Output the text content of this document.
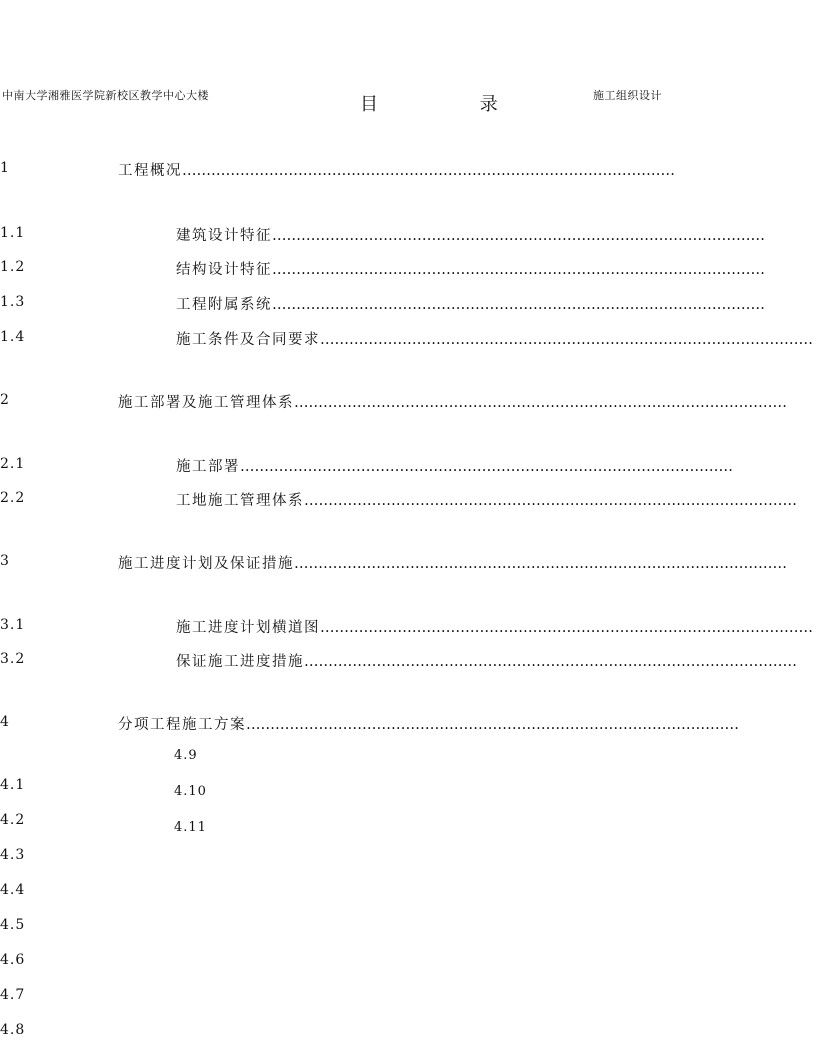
中南大学湘雅医学院新校区教学中心大楼	目 录	施工组织设计
1	工程概况…………………………………………………………………………………………
1.1	建筑设计特征…………………………………………………………………………………………
1.2	结构设计特征…………………………………………………………………………………………
1.3	工程附属系统…………………………………………………………………………………………
1.4	施工条件及合同要求…………………………………………………………………………………………
2	施工部署及施工管理体系…………………………………………………………………………………………
2.1	施工部署…………………………………………………………………………………………
2.2	工地施工管理体系…………………………………………………………………………………………
3	施工进度计划及保证措施…………………………………………………………………………………………
3.1	施工进度计划横道图…………………………………………………………………………………………
3.2	保证施工进度措施…………………………………………………………………………………………
4	分项工程施工方案…………………………………………………………………………………………
4.9
4.10
4.11
4.1
4.2
4.3
4.4
4.5
4.6
4.7
4.8
